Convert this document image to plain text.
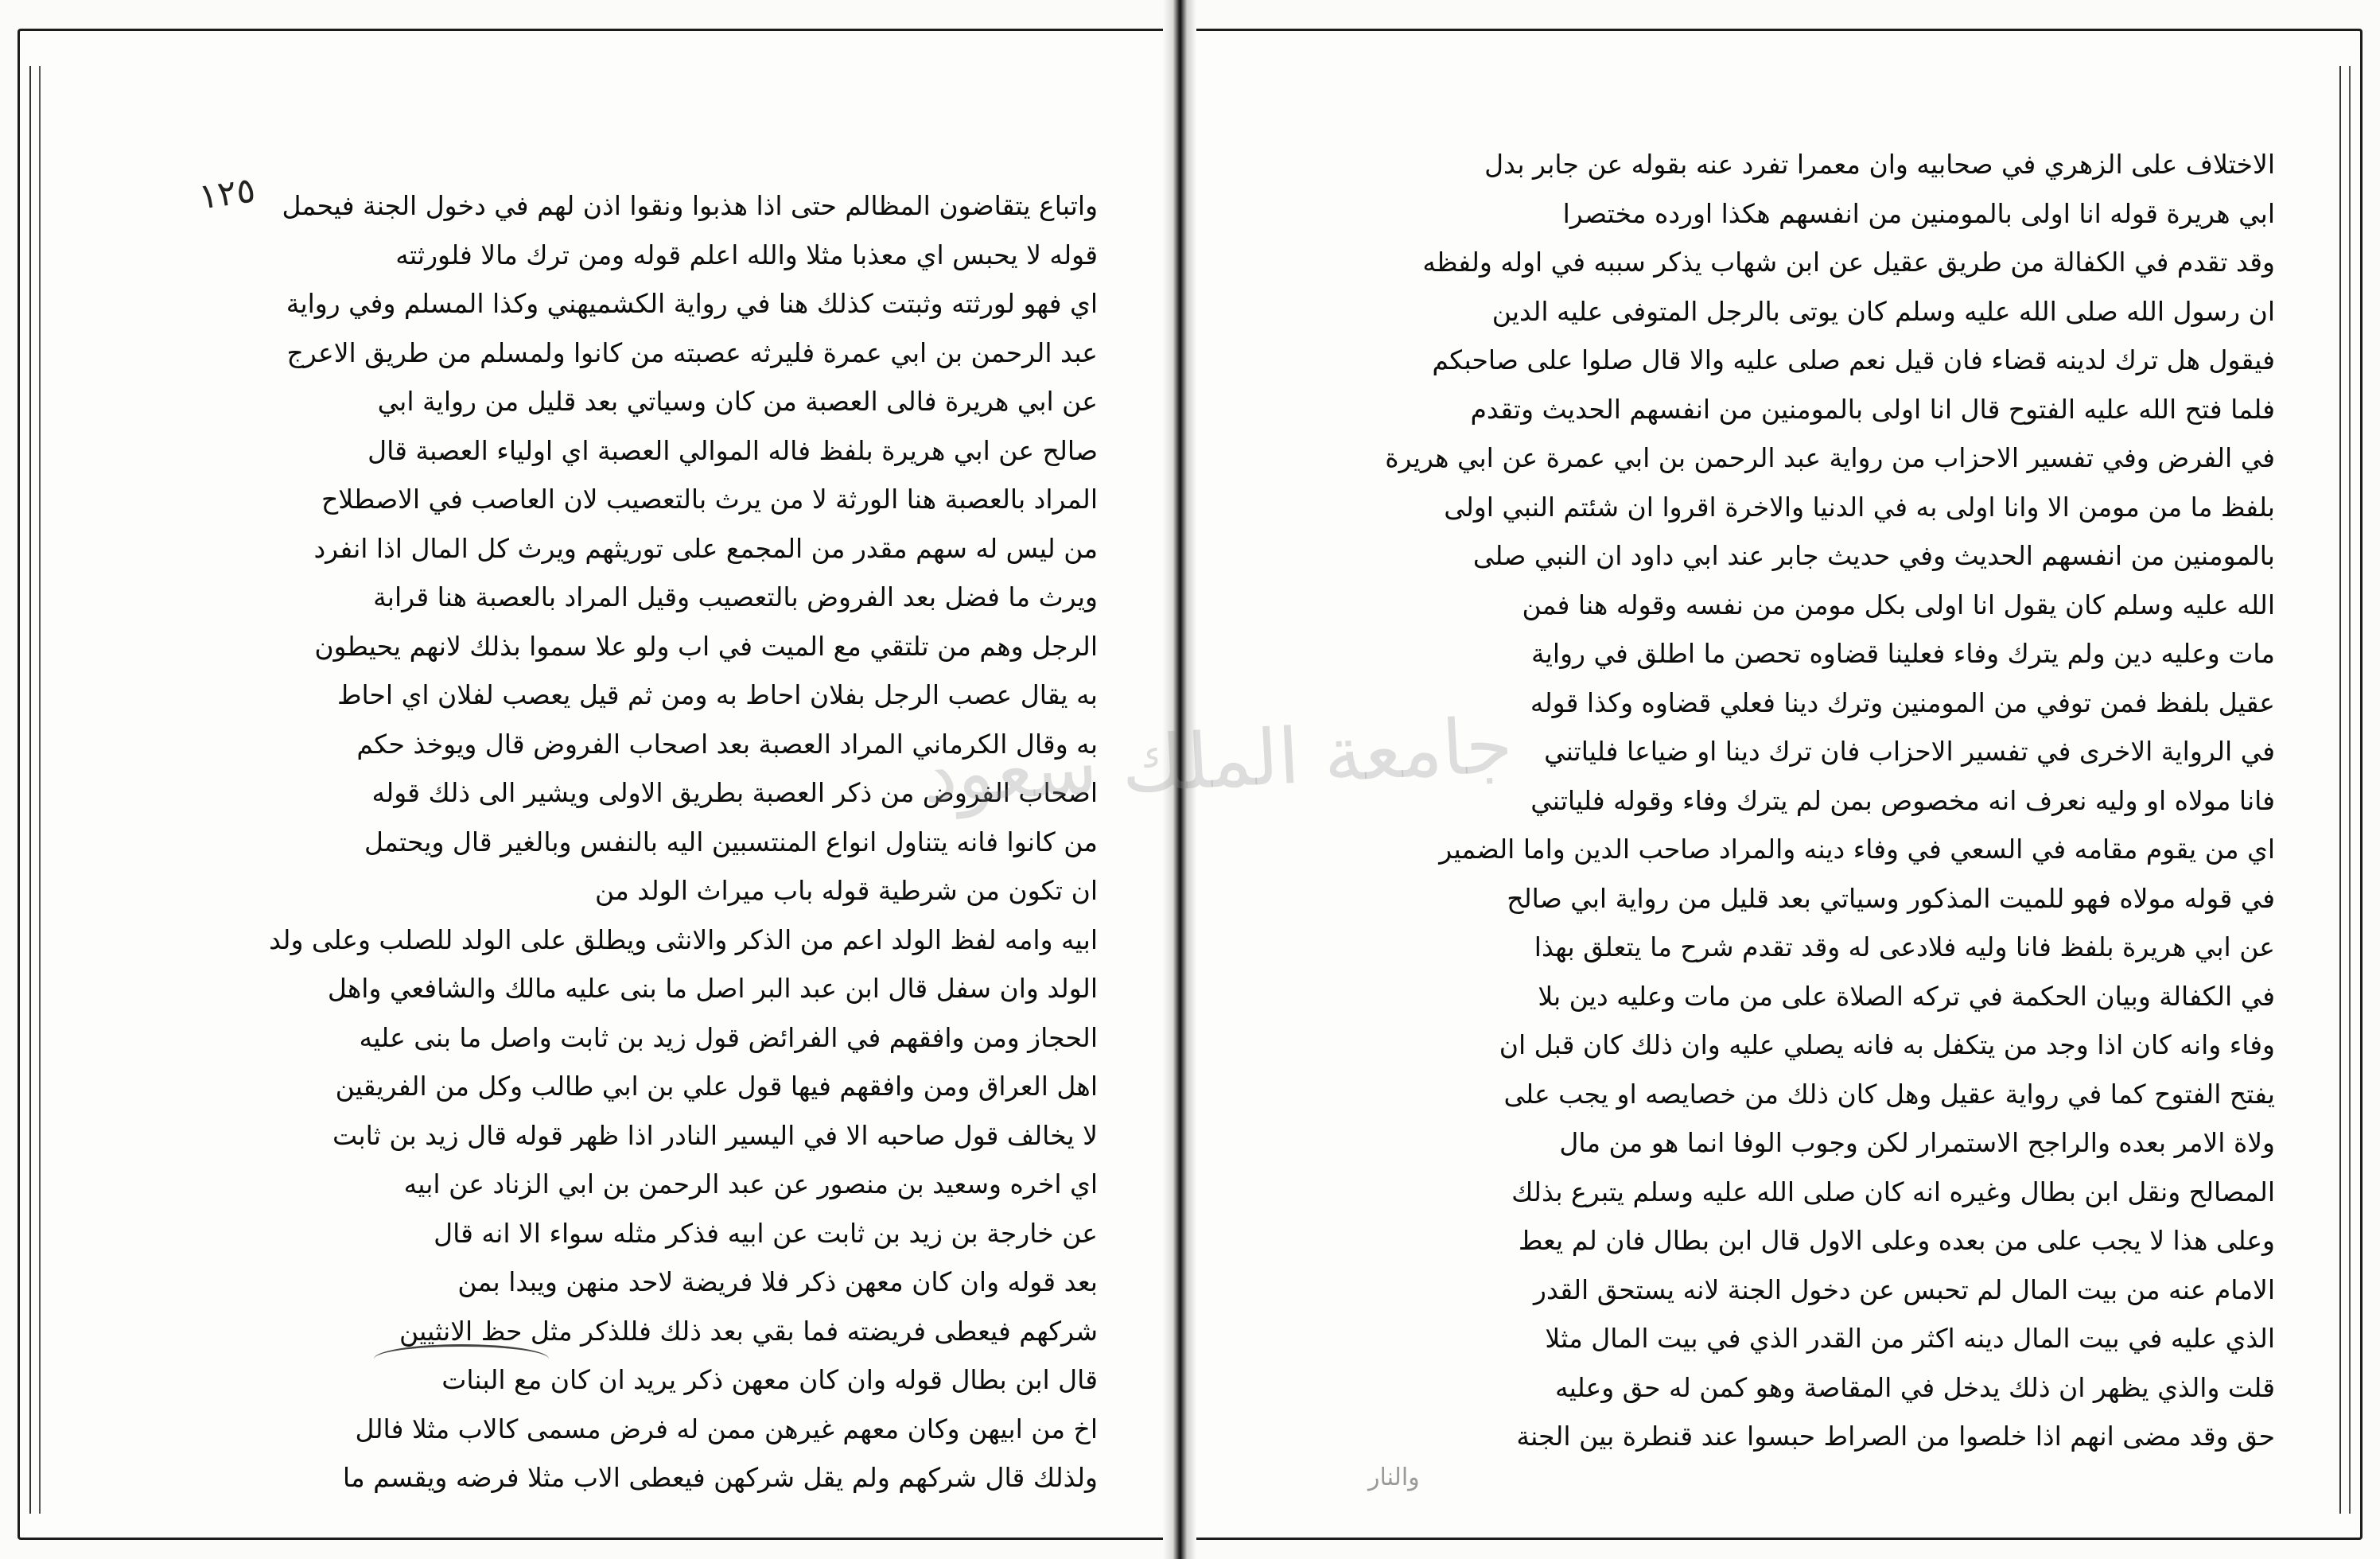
١٢٥ واتباع يتقاضون المظالم حتى اذا هذبوا ونقوا اذن لهم في دخول الجنة فيحمل
قوله لا يحبس اي معذبا مثلا والله اعلم قوله ومن ترك مالا فلورثته
اي فهو لورثته وثبتت كذلك هنا في رواية الكشميهني وكذا المسلم وفي رواية
عبد الرحمن بن ابي عمرة فليرثه عصبته من كانوا ولمسلم من طريق الاعرج
عن ابي هريرة فالى العصبة من كان وسياتي بعد قليل من رواية ابي
صالح عن ابي هريرة بلفظ فاله الموالي العصبة اي اولياء العصبة قال
المراد بالعصبة هنا الورثة لا من يرث بالتعصيب لان العاصب في الاصطلاح
من ليس له سهم مقدر من المجمع على توريثهم ويرث كل المال اذا انفرد
ويرث ما فضل بعد الفروض بالتعصيب وقيل المراد بالعصبة هنا قرابة
الرجل وهم من تلتقي مع الميت في اب ولو علا سموا بذلك لانهم يحيطون
به يقال عصب الرجل بفلان احاط به ومن ثم قيل يعصب لفلان اي احاط
به وقال الكرماني المراد العصبة بعد اصحاب الفروض قال ويوخذ حكم
اصحاب الفروض من ذكر العصبة بطريق الاولى ويشير الى ذلك قوله
من كانوا فانه يتناول انواع المنتسبين اليه بالنفس وبالغير قال ويحتمل
ان تكون من شرطية قوله باب ميراث الولد من
ابيه وامه لفظ الولد اعم من الذكر والانثى ويطلق على الولد للصلب وعلى ولد
الولد وان سفل قال ابن عبد البر اصل ما بنى عليه مالك والشافعي واهل
الحجاز ومن وافقهم في الفرائض قول زيد بن ثابت واصل ما بنى عليه
اهل العراق ومن وافقهم فيها قول علي بن ابي طالب وكل من الفريقين
لا يخالف قول صاحبه الا في اليسير النادر اذا ظهر قوله قال زيد بن ثابت
اي اخره وسعيد بن منصور عن عبد الرحمن بن ابي الزناد عن ابيه
عن خارجة بن زيد بن ثابت عن ابيه فذكر مثله سواء الا انه قال
بعد قوله وان كان معهن ذكر فلا فريضة لاحد منهن ويبدا بمن
شركهم فيعطى فريضته فما بقي بعد ذلك فللذكر مثل حظ الانثيين
قال ابن بطال قوله وان كان معهن ذكر يريد ان كان مع البنات
اخ من ابيهن وكان معهم غيرهن ممن له فرض مسمى كالاب مثلا فالل
ولذلك قال شركهم ولم يقل شركهن فيعطى الاب مثلا فرضه ويقسم ما
الاختلاف على الزهري في صحابيه وان معمرا تفرد عنه بقوله عن جابر بدل
ابي هريرة قوله انا اولى بالمومنين من انفسهم هكذا اورده مختصرا
وقد تقدم في الكفالة من طريق عقيل عن ابن شهاب يذكر سببه في اوله ولفظه
ان رسول الله صلى الله عليه وسلم كان يوتى بالرجل المتوفى عليه الدين
فيقول هل ترك لدينه قضاء فان قيل نعم صلى عليه والا قال صلوا على صاحبكم
فلما فتح الله عليه الفتوح قال انا اولى بالمومنين من انفسهم الحديث وتقدم
في الفرض وفي تفسير الاحزاب من رواية عبد الرحمن بن ابي عمرة عن ابي هريرة
بلفظ ما من مومن الا وانا اولى به في الدنيا والاخرة اقروا ان شئتم النبي اولى
بالمومنين من انفسهم الحديث وفي حديث جابر عند ابي داود ان النبي صلى
الله عليه وسلم كان يقول انا اولى بكل مومن من نفسه وقوله هنا فمن
مات وعليه دين ولم يترك وفاء فعلينا قضاوه تحصن ما اطلق في رواية
عقيل بلفظ فمن توفي من المومنين وترك دينا فعلي قضاوه وكذا قوله
في الرواية الاخرى في تفسير الاحزاب فان ترك دينا او ضياعا فلياتني
فانا مولاه او وليه نعرف انه مخصوص بمن لم يترك وفاء وقوله فلياتني
اي من يقوم مقامه في السعي في وفاء دينه والمراد صاحب الدين واما الضمير
في قوله مولاه فهو للميت المذكور وسياتي بعد قليل من رواية ابي صالح
عن ابي هريرة بلفظ فانا وليه فلادعى له وقد تقدم شرح ما يتعلق بهذا
في الكفالة وبيان الحكمة في تركه الصلاة على من مات وعليه دين بلا
وفاء وانه كان اذا وجد من يتكفل به فانه يصلي عليه وان ذلك كان قبل ان
يفتح الفتوح كما في رواية عقيل وهل كان ذلك من خصايصه او يجب على
ولاة الامر بعده والراجح الاستمرار لكن وجوب الوفا انما هو من مال
المصالح ونقل ابن بطال وغيره انه كان صلى الله عليه وسلم يتبرع بذلك
وعلى هذا لا يجب على من بعده وعلى الاول قال ابن بطال فان لم يعط
الامام عنه من بيت المال لم تحبس عن دخول الجنة لانه يستحق القدر
الذي عليه في بيت المال دينه اكثر من القدر الذي في بيت المال مثلا
قلت والذي يظهر ان ذلك يدخل في المقاصة وهو كمن له حق وعليه
حق وقد مضى انهم اذا خلصوا من الصراط حبسوا عند قنطرة بين الجنة
والنار
جامعة الملك سعود
